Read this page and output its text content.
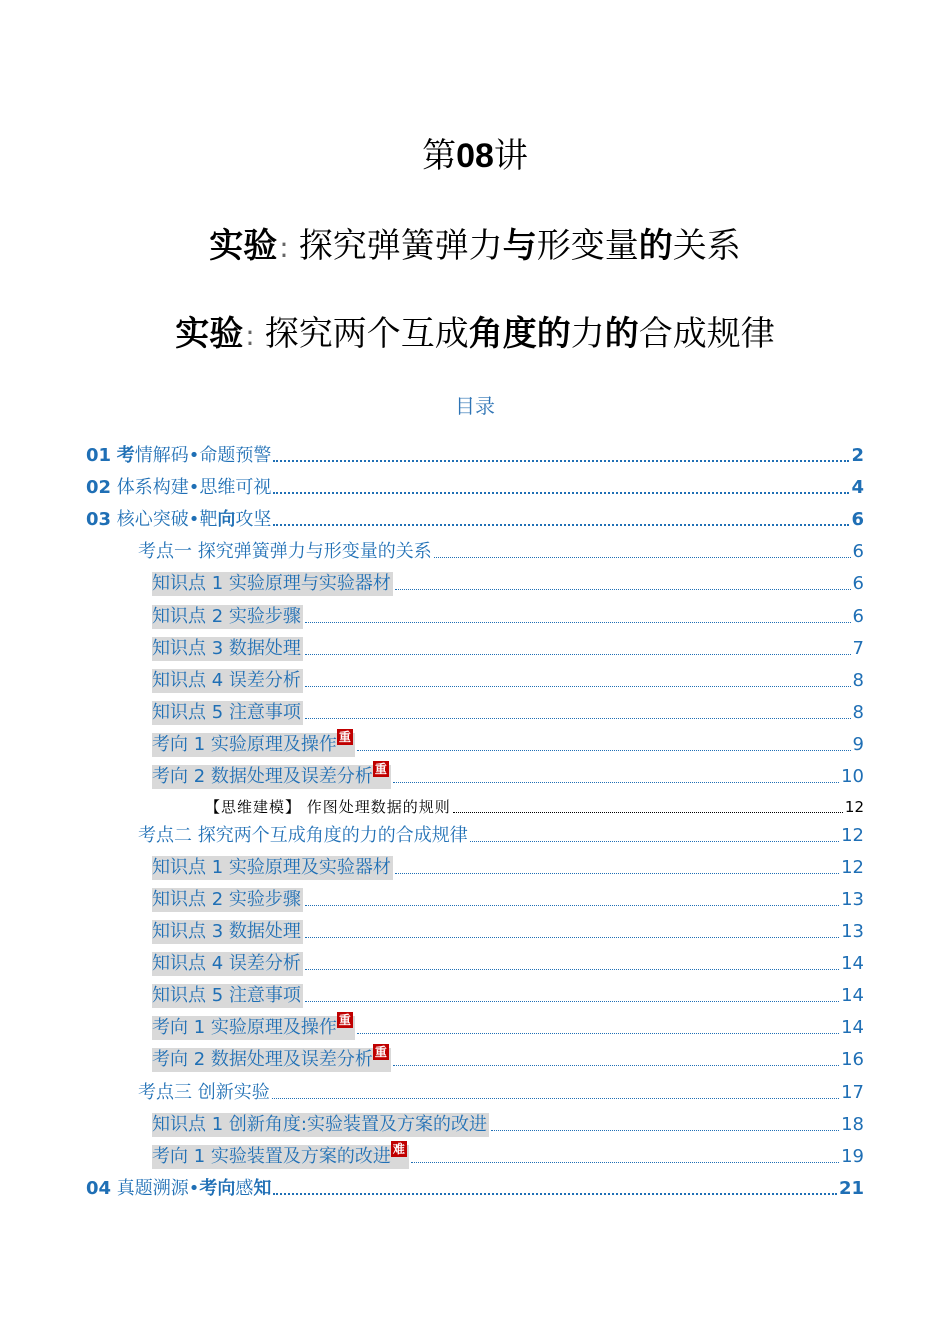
第08讲
实验: 探究弹簧弹力与形变量的关系
实验: 探究两个互成角度的力的合成规律
目录
01 考情解码•命题预警	2
02 体系构建•思维可视	4
03 核心突破•靶向攻坚	6
考点一 探究弹簧弹力与形变量的关系	6
知识点 1 实验原理与实验器材	6
知识点 2 实验步骤	6
知识点 3 数据处理	7
知识点 4 误差分析	8
知识点 5 注意事项	8
考向 1 实验原理及操作 重	9
考向 2 数据处理及误差分析 重	10
【思维建模】 作图处理数据的规则	12
考点二 探究两个互成角度的力的合成规律	12
知识点 1 实验原理及实验器材	12
知识点 2 实验步骤	13
知识点 3 数据处理	13
知识点 4 误差分析	14
知识点 5 注意事项	14
考向 1 实验原理及操作 重	14
考向 2 数据处理及误差分析 重	16
考点三 创新实验	17
知识点 1 创新角度:实验装置及方案的改进	18
考向 1 实验装置及方案的改进 难	19
04 真题溯源•考向感知	21
